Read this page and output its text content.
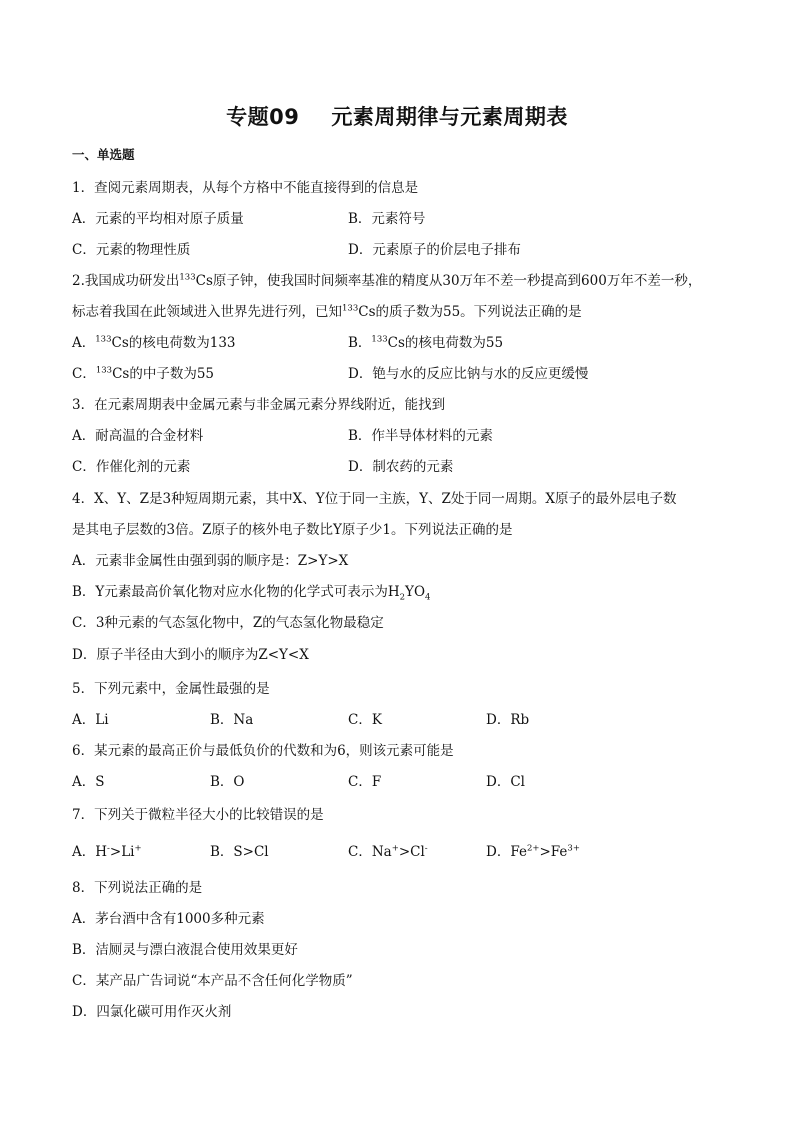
专题09 元素周期律与元素周期表
一、单选题
1．查阅元素周期表，从每个方格中不能直接得到的信息是
A．元素的平均相对原子质量	B．元素符号
C．元素的物理性质	D．元素原子的价层电子排布
2.我国成功研发出$^{133}$Cs原子钟，使我国时间频率基准的精度从30万年不差一秒提高到600万年不差一秒，
标志着我国在此领域进入世界先进行列，已知$^{133}$Cs的质子数为55。下列说法正确的是
A．$^{133}$Cs的核电荷数为133	B．$^{133}$Cs的核电荷数为55
C．$^{133}$Cs的中子数为55	D．铯与水的反应比钠与水的反应更缓慢
3．在元素周期表中金属元素与非金属元素分界线附近，能找到
A．耐高温的合金材料	B．作半导体材料的元素
C．作催化剂的元素	D．制农药的元素
4．X、Y、Z是3种短周期元素，其中X、Y位于同一主族，Y、Z处于同一周期。X原子的最外层电子数
是其电子层数的3倍。Z原子的核外电子数比Y原子少1。下列说法正确的是
A．元素非金属性由强到弱的顺序是：Z>Y>X
B．Y元素最高价氧化物对应水化物的化学式可表示为$H_2YO_4$
C．3种元素的气态氢化物中，Z的气态氢化物最稳定
D．原子半径由大到小的顺序为Z<Y<X
5．下列元素中，金属性最强的是
A．Li	B．Na	C．K	D．Rb
6．某元素的最高正价与最低负价的代数和为6，则该元素可能是
A．S	B．O	C．F	D．Cl
7．下列关于微粒半径大小的比较错误的是
A．H->Li+	B．S>Cl	C．Na+>Cl-	D．$Fe^{2+}>Fe^{3+}$
8．下列说法正确的是
A．茅台酒中含有1000多种元素
B．洁厕灵与漂白液混合使用效果更好
C．某产品广告词说“本产品不含任何化学物质”
D．四氯化碳可用作灭火剂
